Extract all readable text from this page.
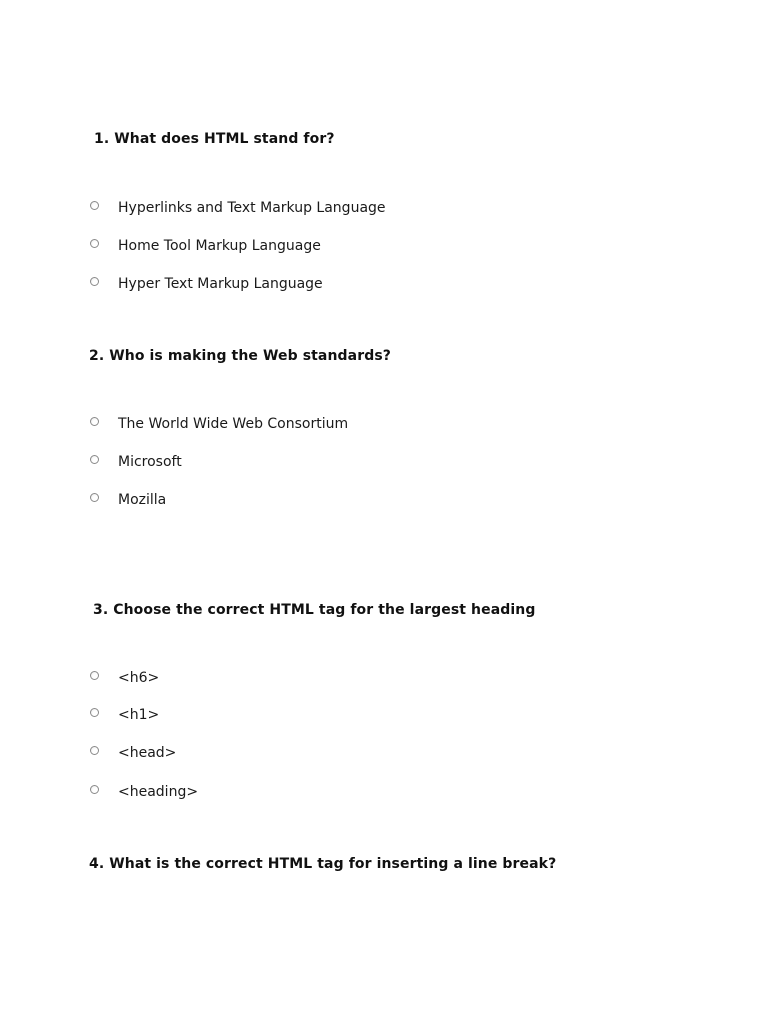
1. What does HTML stand for?
Hyperlinks and Text Markup Language
Home Tool Markup Language
Hyper Text Markup Language
2. Who is making the Web standards?
The World Wide Web Consortium
Microsoft
Mozilla
3. Choose the correct HTML tag for the largest heading
<h6>
<h1>
<head>
<heading>
4. What is the correct HTML tag for inserting a line break?
